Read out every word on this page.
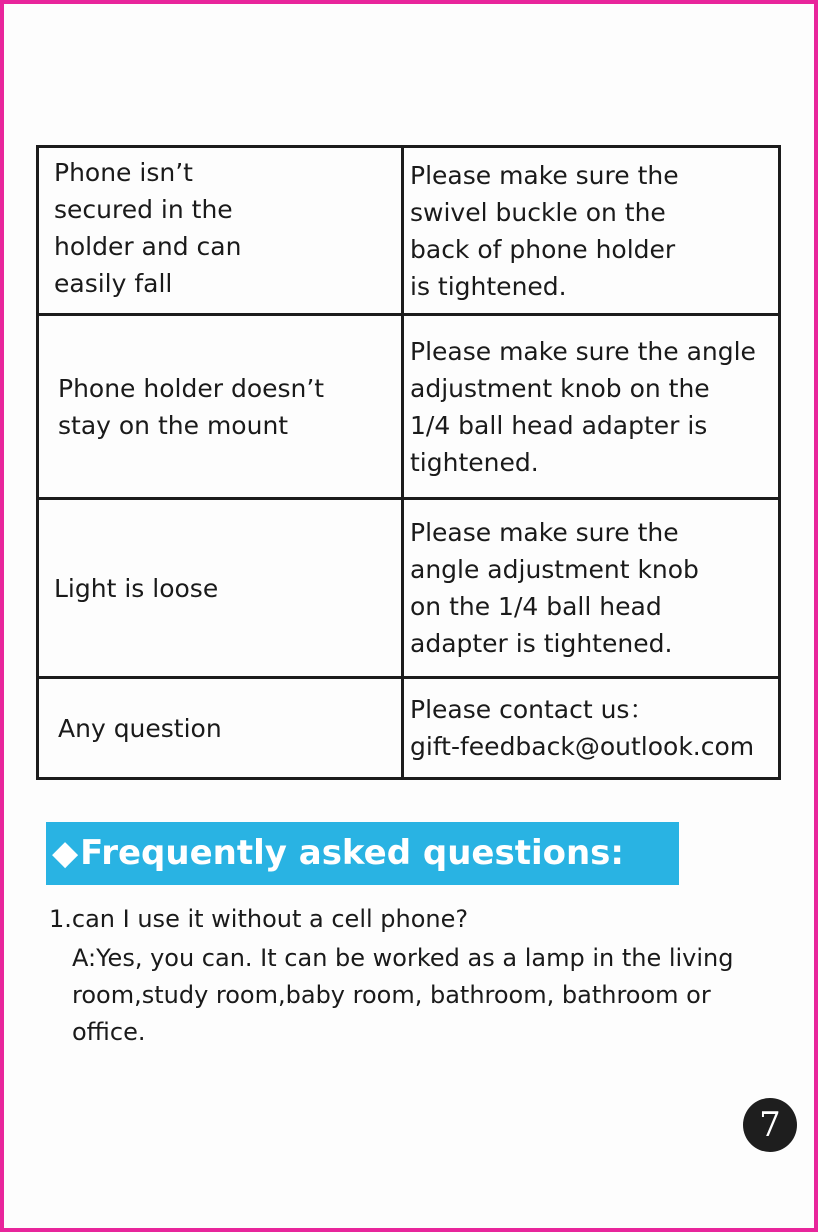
Phone isn’t
secured in the
holder and can
easily fall	Please make sure the
swivel buckle on the
back of phone holder
is tightened.

Phone holder doesn’t
stay on the mount	Please make sure the angle
adjustment knob on the
1/4 ball head adapter is
tightened.

Light is loose	Please make sure the
angle adjustment knob
on the 1/4 ball head
adapter is tightened.

Any question	Please contact us：
gift-feedback@outlook.com
◆Frequently asked questions:
1.can I use it without a cell phone?
A:Yes, you can. It can be worked as a lamp in the living room,study room,baby room, bathroom, bathroom or office.
7
